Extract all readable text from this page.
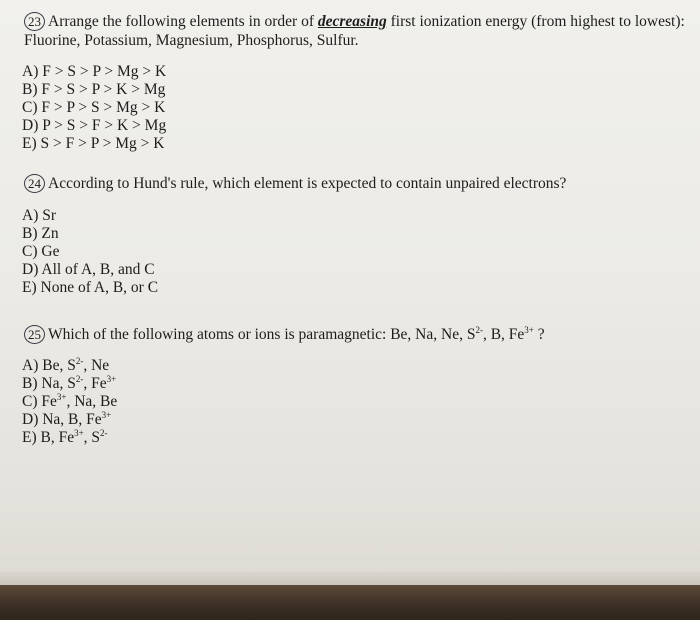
23 Arrange the following elements in order of decreasing first ionization energy (from highest to lowest):
Fluorine, Potassium, Magnesium, Phosphorus, Sulfur.
A) F > S > P > Mg > K
B) F > S > P > K > Mg
C) F > P > S > Mg > K
D) P > S > F > K > Mg
E) S > F > P > Mg > K
24 According to Hund's rule, which element is expected to contain unpaired electrons?
A) Sr
B) Zn
C) Ge
D) All of A, B, and C
E) None of A, B, or C
25 Which of the following atoms or ions is paramagnetic: Be, Na, Ne, $S^{2-}$, B, $Fe^{3+}$ ?
A) Be, $S^{2-}$, Ne
B) Na, $S^{2-}$, $Fe^{3+}$
C) $Fe^{3+}$, Na, Be
D) Na, B, $Fe^{3+}$
E) B, $Fe^{3+}$, $S^{2-}$
